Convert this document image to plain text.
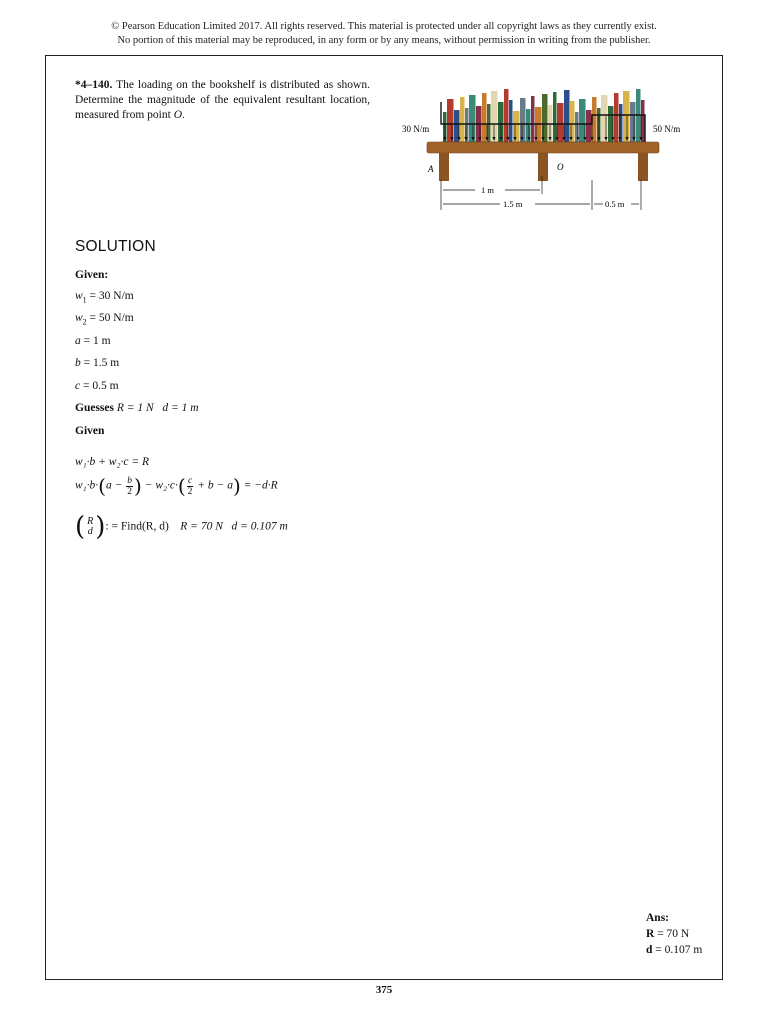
© Pearson Education Limited 2017. All rights reserved. This material is protected under all copyright laws as they currently exist.
No portion of this material may be reproduced, in any form or by any means, without permission in writing from the publisher.
*4–140. The loading on the bookshelf is distributed as shown. Determine the magnitude of the equivalent resultant location, measured from point O.
30 N/m	50 N/m
A	O
1 m
1.5 m	0.5 m
SOLUTION
Given:
$w_1 = 30$ N/m
$w_2 = 50$ N/m
a = 1 m
b = 1.5 m
c = 0.5 m
Guesses R = 1 N d = 1 m
Given
w₁·b + w₂·c = R
$w_1\cdot b\cdot(a - \frac{b}{2}$ ) − $w_2\cdot c\cdot( \frac{c}{2} + b - a) = -d\cdot R$
( R
d ): = Find(R, d) R = 70 N d = 0.107 m
Ans:
R = 70 N
d = 0.107 m
375
